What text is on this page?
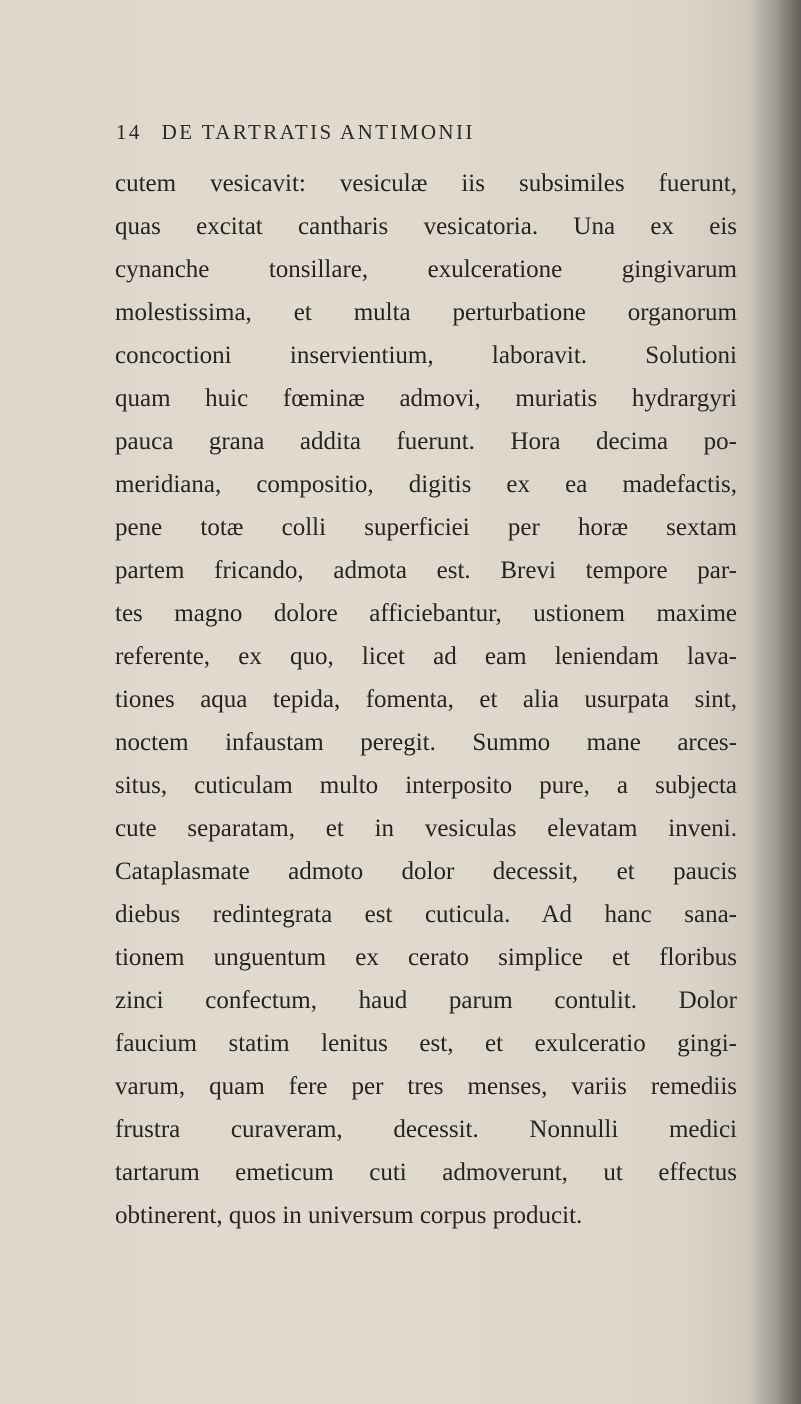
14 DE TARTRATIS ANTIMONII
cutem vesicavit: vesiculæ iis subsimiles fuerunt,
quas excitat cantharis vesicatoria. Una ex eis
cynanche tonsillare, exulceratione gingivarum
molestissima, et multa perturbatione organorum
concoctioni inservientium, laboravit. Solutioni
quam huic fœminæ admovi, muriatis hydrargyri
pauca grana addita fuerunt. Hora decima po-
meridiana, compositio, digitis ex ea madefactis,
pene totæ colli superficiei per horæ sextam
partem fricando, admota est. Brevi tempore par-
tes magno dolore afficiebantur, ustionem maxime
referente, ex quo, licet ad eam leniendam lava-
tiones aqua tepida, fomenta, et alia usurpata sint,
noctem infaustam peregit. Summo mane arces-
situs, cuticulam multo interposito pure, a subjecta
cute separatam, et in vesiculas elevatam inveni.
Cataplasmate admoto dolor decessit, et paucis
diebus redintegrata est cuticula. Ad hanc sana-
tionem unguentum ex cerato simplice et floribus
zinci confectum, haud parum contulit. Dolor
faucium statim lenitus est, et exulceratio gingi-
varum, quam fere per tres menses, variis remediis
frustra curaveram, decessit. Nonnulli medici
tartarum emeticum cuti admoverunt, ut effectus
obtinerent, quos in universum corpus producit.
